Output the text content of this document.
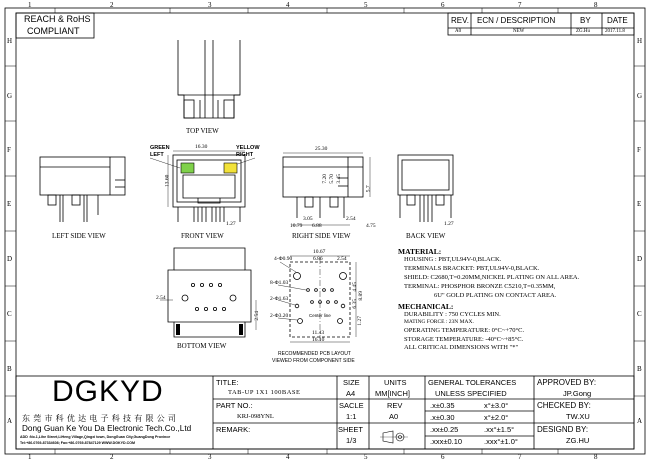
1	2	3	4	5	6	7	8
1	2	3	4	5	6	7	8
H
G
F
E
D
C
B
A
H
G
F
E
D
C
B
A
REACH & RoHS
COMPLIANT
REV. ECN / DESCRIPTION	BY DATE
A0	NEW	ZG.Hu	2017.11.8
TOP VIEW
LEFT SIDE VIEW	FRONT VIEW	RIGHT SIDE VIEW	BACK VIEW
BOTTOM VIEW
RECOMMENDED PCB LAYOUT
VIEWED FROM COMPONENT SIDE
GREEN
LEFT
YELLOW
RIGHT
16.30
13.60
1.27
25.30
7.20 5.70 3.45
3.05	2.54
6.88
10.79	4.75
5.7
1.27
2.54
2.54
10.67
6.86	2.54
4-Φ0.90
8-Φ1.03
2-Φ1.63
2-Φ3.20
11.43
16.10
4.45
6.35
8.89
1.27
Center line
MATERIAL:
HOUSING : PBT,UL94V-0,BLACK.
TERMINALS BRACKET: PBT,UL94V-0,BLACK.
SHIELD: C2680,T=0.20MM,NICKEL PLATING ON ALL AREA.
TERMINAL: PHOSPHOR BRONZE C5210,T=0.35MM,
6U" GOLD PLATING ON CONTACT AREA.
MECHANICAL:
DURABILITY : 750 CYCLES MIN.
MATING FORCE : 23N MAX.
OPERATING TEMPERATURE: 0°C~+70°C.
STORAGE TEMPERATURE: -40°C~+85°C.
ALL CRITICAL DIMENSIONS WITH "*"
DGKYD
东 莞 市 科 优 达 电 子 科 技 有 限 公 司
Dong Guan Ke You Da Electronic Tech.Co.,Ltd
ADD :No.1,Lihe Street,LiHeng Village,Qingxi town, DongGuan City,GuangDong Province
Tel:+86-0769-87334608; Fax:+86-0769-87847129 WWW.DGKYD.COM
TITLE:
TAB-UP 1X1 100BASE
PART NO.:
KRJ-098YNL
REMARK:
SIZE
A4
UNITS
MM[INCH]
SACLE
1:1
REV
A0
SHEET
1/3
GENERAL TOLERANCES
UNLESS SPECIFIED
.x±0.35	x°±3.0°
.x±0.30	x°±2.0°
.xx±0.25	.xx°±1.5°
.xxx±0.10	.xxx°±1.0°
APPROVED BY:
JP.Gong
CHECKED BY:
TW.XU
DESIGND BY:
ZG.HU
